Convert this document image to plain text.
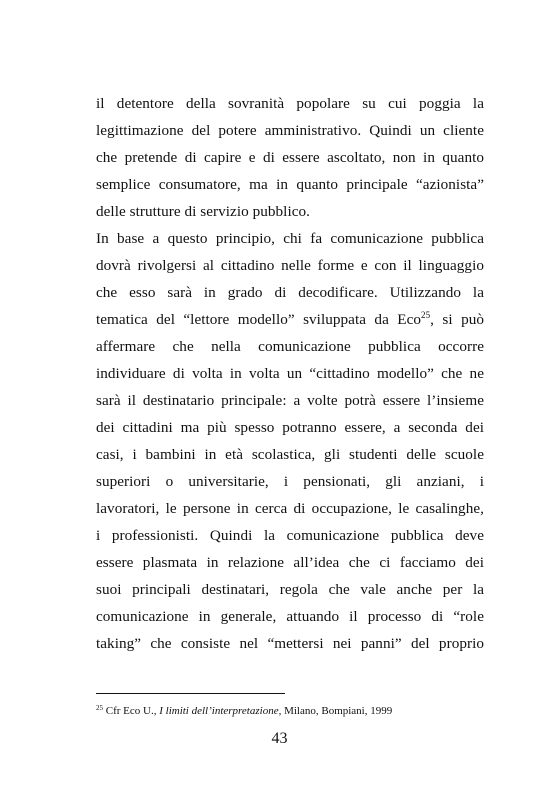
il detentore della sovranità popolare su cui poggia la
legittimazione del potere amministrativo. Quindi un cliente
che pretende di capire e di essere ascoltato, non in quanto
semplice consumatore, ma in quanto principale “azionista”
delle strutture di servizio pubblico.
In base a questo principio, chi fa comunicazione pubblica
dovrà rivolgersi al cittadino nelle forme e con il linguaggio
che esso sarà in grado di decodificare. Utilizzando la
tematica del “lettore modello” sviluppata da Eco$^{25}$, si può
affermare che nella comunicazione pubblica occorre
individuare di volta in volta un “cittadino modello” che ne
sarà il destinatario principale: a volte potrà essere l’insieme
dei cittadini ma più spesso potranno essere, a seconda dei
casi, i bambini in età scolastica, gli studenti delle scuole
superiori o universitarie, i pensionati, gli anziani, i
lavoratori, le persone in cerca di occupazione, le casalinghe,
i professionisti. Quindi la comunicazione pubblica deve
essere plasmata in relazione all’idea che ci facciamo dei
suoi principali destinatari, regola che vale anche per la
comunicazione in generale, attuando il processo di “role
taking” che consiste nel “mettersi nei panni” del proprio
$^{25}$ Cfr Eco U., I limiti dell’interpretazione, Milano, Bompiani, 1999
43
